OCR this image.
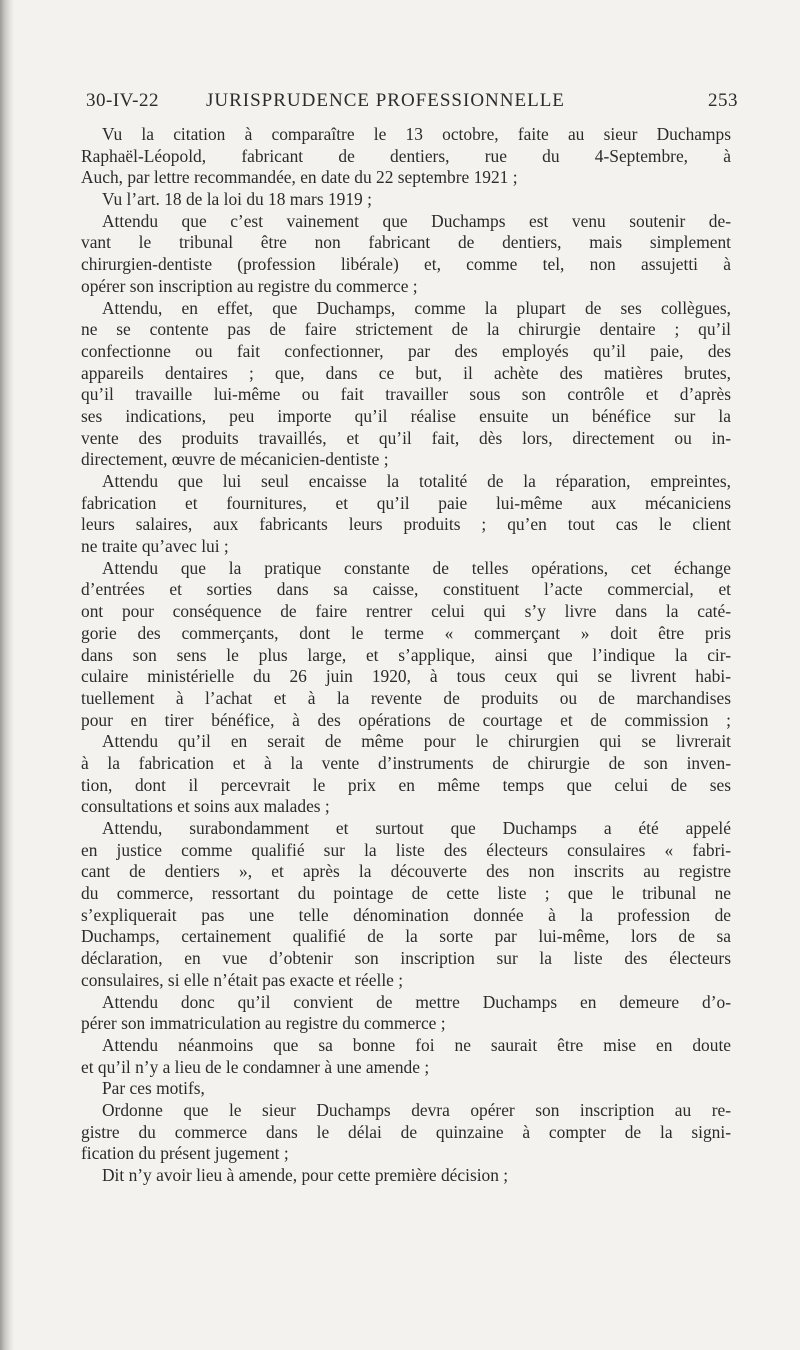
30-IV-22 JURISPRUDENCE PROFESSIONNELLE	253
Vu la citation à comparaître le 13 octobre, faite au sieur Duchamps
Raphaël-Léopold, fabricant de dentiers, rue du 4-Septembre, à
Auch, par lettre recommandée, en date du 22 septembre 1921 ;
Vu l’art. 18 de la loi du 18 mars 1919 ;
Attendu que c’est vainement que Duchamps est venu soutenir de-
vant le tribunal être non fabricant de dentiers, mais simplement
chirurgien-dentiste (profession libérale) et, comme tel, non assujetti à
opérer son inscription au registre du commerce ;
Attendu, en effet, que Duchamps, comme la plupart de ses collègues,
ne se contente pas de faire strictement de la chirurgie dentaire ; qu’il
confectionne ou fait confectionner, par des employés qu’il paie, des
appareils dentaires ; que, dans ce but, il achète des matières brutes,
qu’il travaille lui-même ou fait travailler sous son contrôle et d’après
ses indications, peu importe qu’il réalise ensuite un bénéfice sur la
vente des produits travaillés, et qu’il fait, dès lors, directement ou in-
directement, œuvre de mécanicien-dentiste ;
Attendu que lui seul encaisse la totalité de la réparation, empreintes,
fabrication et fournitures, et qu’il paie lui-même aux mécaniciens
leurs salaires, aux fabricants leurs produits ; qu’en tout cas le client
ne traite qu’avec lui ;
Attendu que la pratique constante de telles opérations, cet échange
d’entrées et sorties dans sa caisse, constituent l’acte commercial, et
ont pour conséquence de faire rentrer celui qui s’y livre dans la caté-
gorie des commerçants, dont le terme « commerçant » doit être pris
dans son sens le plus large, et s’applique, ainsi que l’indique la cir-
culaire ministérielle du 26 juin 1920, à tous ceux qui se livrent habi-
tuellement à l’achat et à la revente de produits ou de marchandises
pour en tirer bénéfice, à des opérations de courtage et de commission ;
Attendu qu’il en serait de même pour le chirurgien qui se livrerait
à la fabrication et à la vente d’instruments de chirurgie de son inven-
tion, dont il percevrait le prix en même temps que celui de ses
consultations et soins aux malades ;
Attendu, surabondamment et surtout que Duchamps a été appelé
en justice comme qualifié sur la liste des électeurs consulaires « fabri-
cant de dentiers », et après la découverte des non inscrits au registre
du commerce, ressortant du pointage de cette liste ; que le tribunal ne
s’expliquerait pas une telle dénomination donnée à la profession de
Duchamps, certainement qualifié de la sorte par lui-même, lors de sa
déclaration, en vue d’obtenir son inscription sur la liste des électeurs
consulaires, si elle n’était pas exacte et réelle ;
Attendu donc qu’il convient de mettre Duchamps en demeure d’o-
pérer son immatriculation au registre du commerce ;
Attendu néanmoins que sa bonne foi ne saurait être mise en doute
et qu’il n’y a lieu de le condamner à une amende ;
Par ces motifs,
Ordonne que le sieur Duchamps devra opérer son inscription au re-
gistre du commerce dans le délai de quinzaine à compter de la signi-
fication du présent jugement ;
Dit n’y avoir lieu à amende, pour cette première décision ;
